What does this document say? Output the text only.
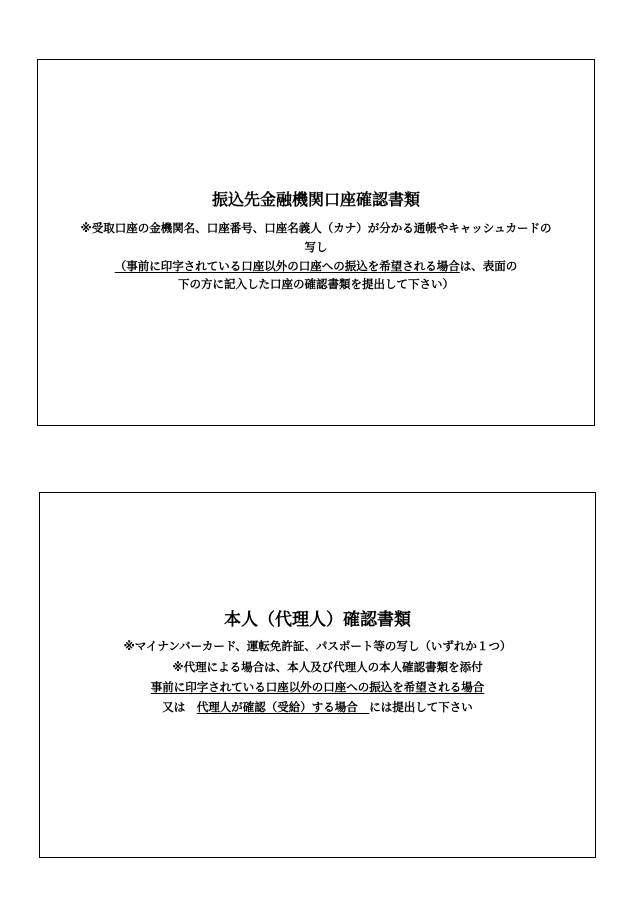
振込先金融機関口座確認書類
※受取口座の金機関名、口座番号、口座名義人（カナ）が分かる通帳やキャッシュカードの
写し
（事前に印字されている口座以外の口座への振込を希望される場合は、表面の
下の方に記入した口座の確認書類を提出して下さい）
本人（代理人）確認書類
※マイナンバーカード、運転免許証、パスポート等の写し（いずれか１つ）
※代理による場合は、本人及び代理人の本人確認書類を添付
事前に印字されている口座以外の口座への振込を希望される場合
又は　代理人が確認（受給）する場合　には提出して下さい
